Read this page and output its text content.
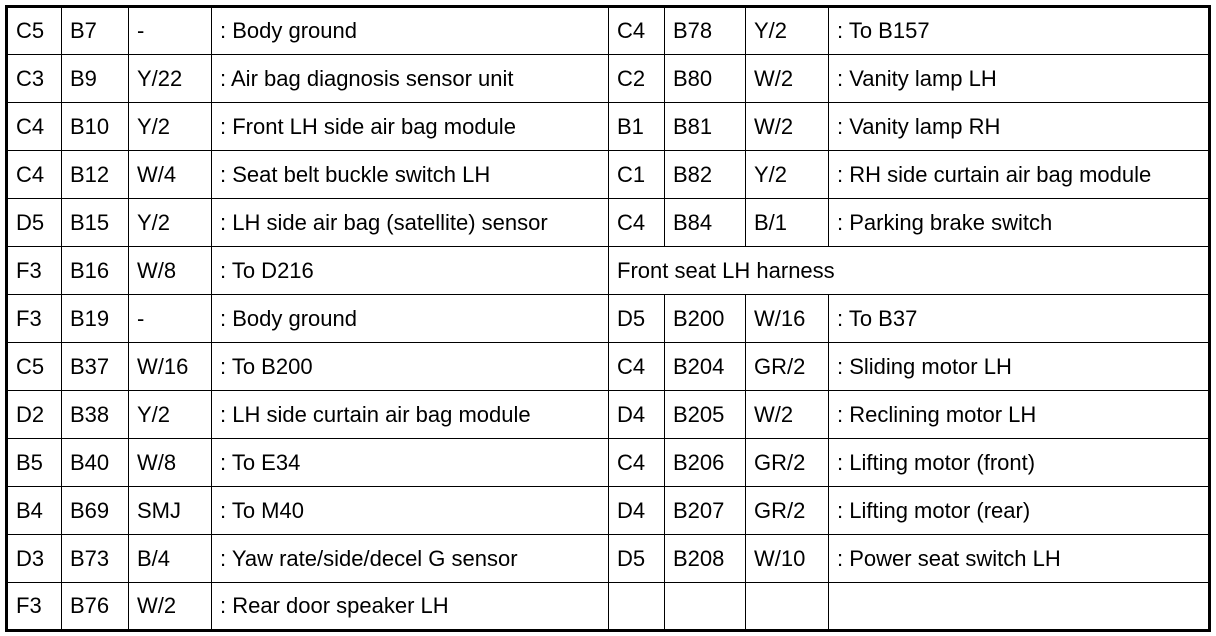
C5	B7	-	: Body ground	C4	B78	Y/2	: To B157
C3	B9	Y/22	: Air bag diagnosis sensor unit	C2	B80	W/2	: Vanity lamp LH
C4	B10	Y/2	: Front LH side air bag module	B1	B81	W/2	: Vanity lamp RH
C4	B12	W/4	: Seat belt buckle switch LH	C1	B82	Y/2	: RH side curtain air bag module
D5	B15	Y/2	: LH side air bag (satellite) sensor	C4	B84	B/1	: Parking brake switch
F3	B16	W/8	: To D216	Front seat LH harness			
F3	B19	-	: Body ground	D5	B200	W/16	: To B37
C5	B37	W/16	: To B200	C4	B204	GR/2	: Sliding motor LH
D2	B38	Y/2	: LH side curtain air bag module	D4	B205	W/2	: Reclining motor LH
B5	B40	W/8	: To E34	C4	B206	GR/2	: Lifting motor (front)
B4	B69	SMJ	: To M40	D4	B207	GR/2	: Lifting motor (rear)
D3	B73	B/4	: Yaw rate/side/decel G sensor	D5	B208	W/10	: Power seat switch LH
F3	B76	W/2	: Rear door speaker LH				
